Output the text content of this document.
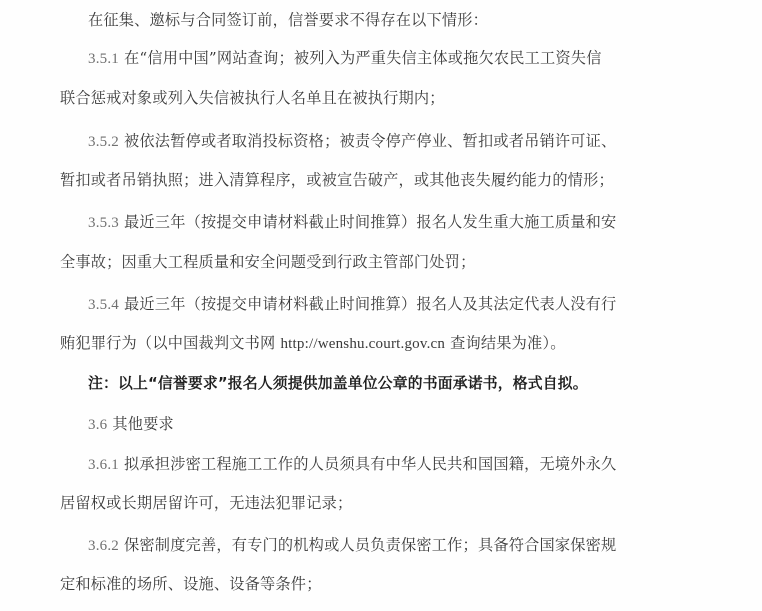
在征集、邀标与合同签订前，信誉要求不得存在以下情形：
3.5.1 在“信用中国”网站查询；被列入为严重失信主体或拖欠农民工工资失信
联合惩戒对象或列入失信被执行人名单且在被执行期内；
3.5.2 被依法暂停或者取消投标资格；被责令停产停业、暂扣或者吊销许可证、
暂扣或者吊销执照；进入清算程序，或被宣告破产，或其他丧失履约能力的情形；
3.5.3 最近三年（按提交申请材料截止时间推算）报名人发生重大施工质量和安
全事故；因重大工程质量和安全问题受到行政主管部门处罚；
3.5.4 最近三年（按提交申请材料截止时间推算）报名人及其法定代表人没有行
贿犯罪行为（以中国裁判文书网 http://wenshu.court.gov.cn 查询结果为准）。
注：以上“信誉要求”报名人须提供加盖单位公章的书面承诺书，格式自拟。
3.6 其他要求
3.6.1 拟承担涉密工程施工工作的人员须具有中华人民共和国国籍，无境外永久
居留权或长期居留许可，无违法犯罪记录；
3.6.2 保密制度完善，有专门的机构或人员负责保密工作；具备符合国家保密规
定和标准的场所、设施、设备等条件；
